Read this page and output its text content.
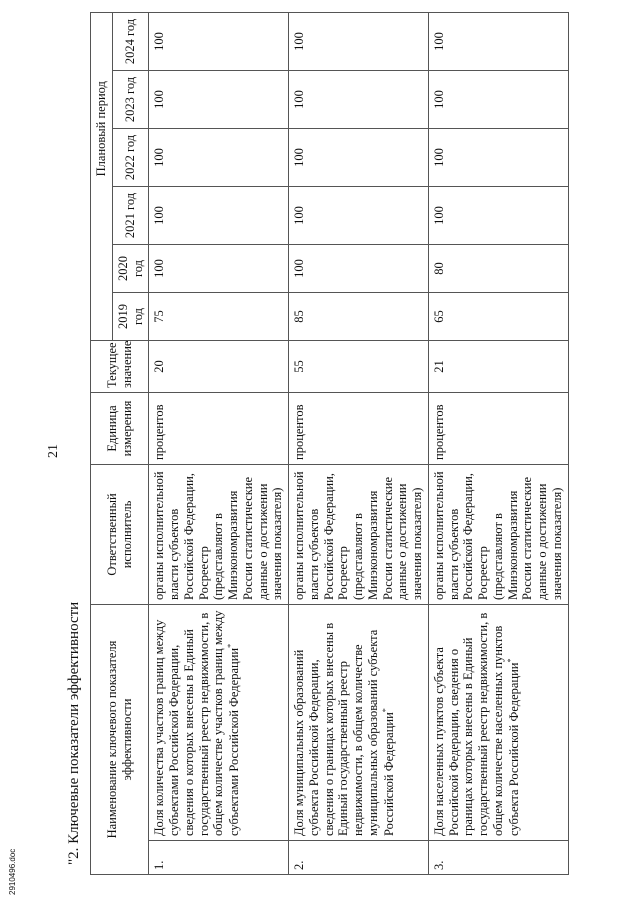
21
"2. Ключевые показатели эффективности Наименование ключевого показателя эффективности		Ответственный исполнитель	Единица измерения	Текущее значение			Плановый период			
					2019 год	2020 год	2021 год	2022 год	2023 год	2024 год
1.	Доля количества участков границ между субъектами Российской Федерации, сведения о которых внесены в Единый государственный реестр недвижимости, в общем количестве участков границ между субъектами Российской Федерации*	органы исполнительной власти субъектов Российской Федерации, Росреестр (представляют в Минэкономразвития России статистические данные о достижении значения показателя)	процентов	20	75	100	100	100	100	100
2.	Доля муниципальных образований субъекта Российской Федерации, сведения о границах которых внесены в Единый государственный реестр недвижимости, в общем количестве муниципальных образований субъекта Российской Федерации*	органы исполнительной власти субъектов Российской Федерации, Росреестр (представляют в Минэкономразвития России статистические данные о достижении значения показателя)	процентов	55	85	100	100	100	100	100
3.	Доля населенных пунктов субъекта Российской Федерации, сведения о границах которых внесены в Единый государственный реестр недвижимости, в общем количестве населенных пунктов субъекта Российской Федерации*	органы исполнительной власти субъектов Российской Федерации, Росреестр (представляют в Минэкономразвития России статистические данные о достижении значения показателя)	процентов	21	65	80	100	100	100	100
2910496.doc
